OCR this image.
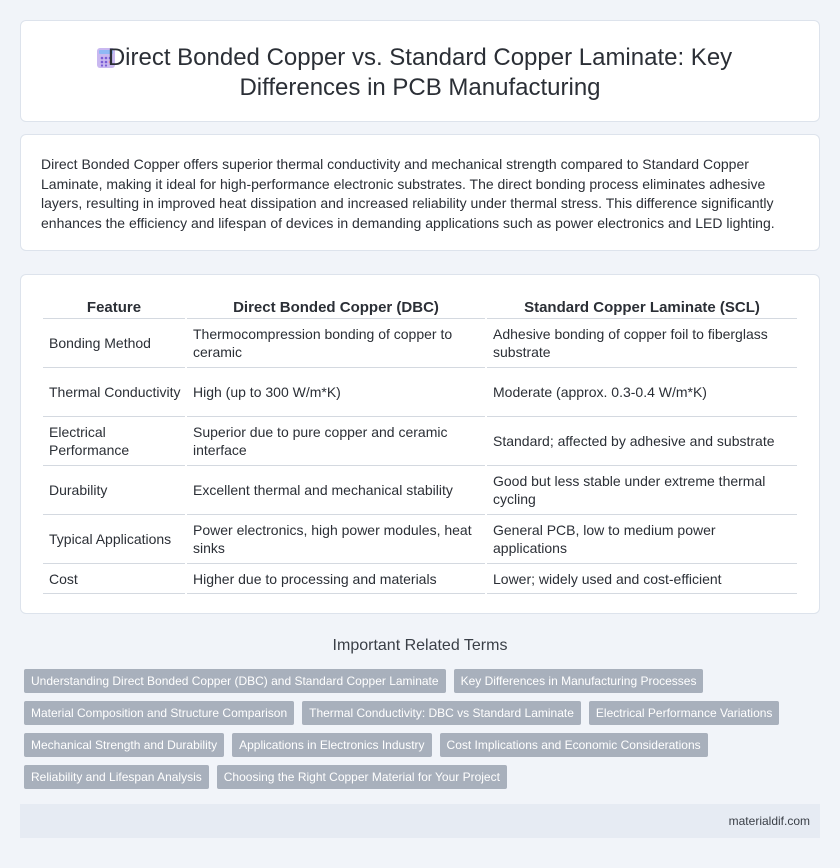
Direct Bonded Copper vs. Standard Copper Laminate: Key Differences in PCB Manufacturing

Direct Bonded Copper offers superior thermal conductivity and mechanical strength compared to Standard Copper Laminate, making it ideal for high-performance electronic substrates. The direct bonding process eliminates adhesive layers, resulting in improved heat dissipation and increased reliability under thermal stress. This difference significantly enhances the efficiency and lifespan of devices in demanding applications such as power electronics and LED lighting.

Feature	Direct Bonded Copper (DBC)	Standard Copper Laminate (SCL)
Bonding Method	Thermocompression bonding of copper to ceramic	Adhesive bonding of copper foil to fiberglass substrate
Thermal Conductivity	High (up to 300 W/m*K)	Moderate (approx. 0.3-0.4 W/m*K)
Electrical Performance	Superior due to pure copper and ceramic interface	Standard; affected by adhesive and substrate
Durability	Excellent thermal and mechanical stability	Good but less stable under extreme thermal cycling
Typical Applications	Power electronics, high power modules, heat sinks	General PCB, low to medium power applications
Cost	Higher due to processing and materials	Lower; widely used and cost-efficient
Important Related Terms
Understanding Direct Bonded Copper (DBC) and Standard Copper Laminate	Key Differences in Manufacturing Processes
Material Composition and Structure Comparison	Thermal Conductivity: DBC vs Standard Laminate	Electrical Performance Variations
Mechanical Strength and Durability	Applications in Electronics Industry	Cost Implications and Economic Considerations
Reliability and Lifespan Analysis	Choosing the Right Copper Material for Your Project
materialdif.com
